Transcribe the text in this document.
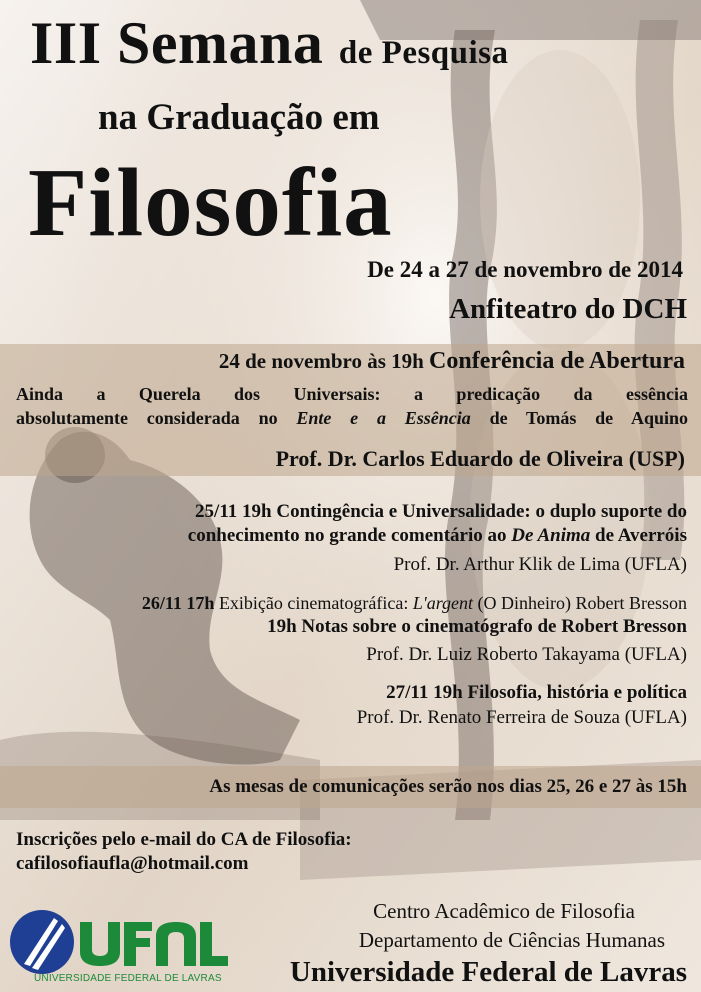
III Semana de Pesquisa
na Graduação em
Filosofia
De 24 a 27 de novembro de 2014
Anfiteatro do DCH
24 de novembro às 19h Conferência de Abertura
Ainda a Querela dos Universais: a predicação da essência
absolutamente considerada no Ente e a Essência de Tomás de Aquino
Prof. Dr. Carlos Eduardo de Oliveira (USP)
25/11 19h Contingência e Universalidade: o duplo suporte do
conhecimento no grande comentário ao De Anima de Averróis
Prof. Dr. Arthur Klik de Lima (UFLA)
26/11 17h Exibição cinematográfica: L'argent (O Dinheiro) Robert Bresson
19h Notas sobre o cinematógrafo de Robert Bresson
Prof. Dr. Luiz Roberto Takayama (UFLA)
27/11 19h Filosofia, história e política
Prof. Dr. Renato Ferreira de Souza (UFLA)
As mesas de comunicações serão nos dias 25, 26 e 27 às 15h
Inscrições pelo e-mail do CA de Filosofia:
cafilosofiaufla@hotmail.com
UNIVERSIDADE FEDERAL DE LAVRAS
Centro Acadêmico de Filosofia
Departamento de Ciências Humanas
Universidade Federal de Lavras
